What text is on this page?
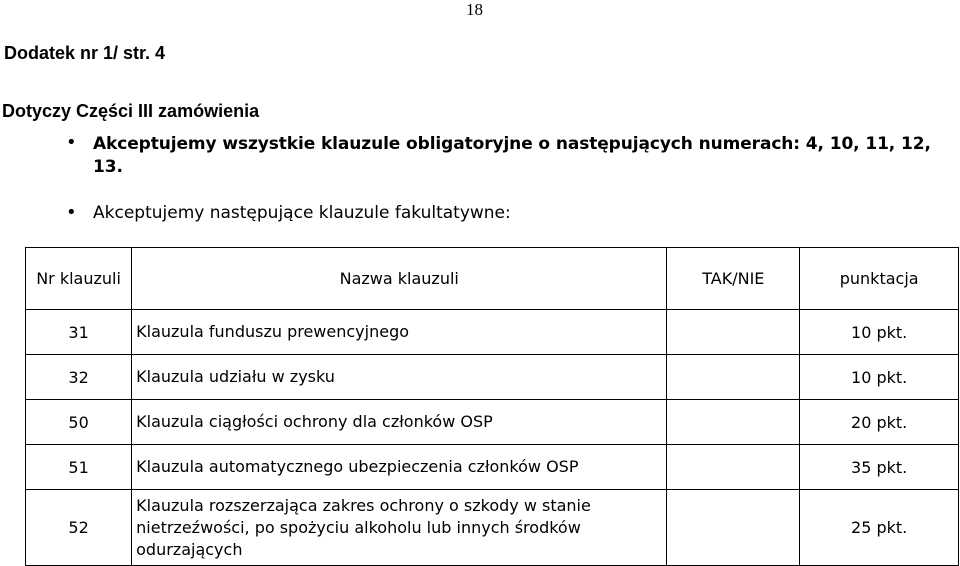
18
Dodatek nr 1/ str. 4
Dotyczy Części III zamówienia
• Akceptujemy wszystkie klauzule obligatoryjne o następujących numerach: 4, 10, 11, 12, 13.
• Akceptujemy następujące klauzule fakultatywne:
Nr klauzuli	Nazwa klauzuli	TAK/NIE	punktacja
31	Klauzula funduszu prewencyjnego		10 pkt.
32	Klauzula udziału w zysku		10 pkt.
50	Klauzula ciągłości ochrony dla członków OSP		20 pkt.
51	Klauzula automatycznego ubezpieczenia członków OSP		35 pkt.
52	Klauzula rozszerzająca zakres ochrony o szkody w stanie nietrzeźwości, po spożyciu alkoholu lub innych środków odurzających		25 pkt.
